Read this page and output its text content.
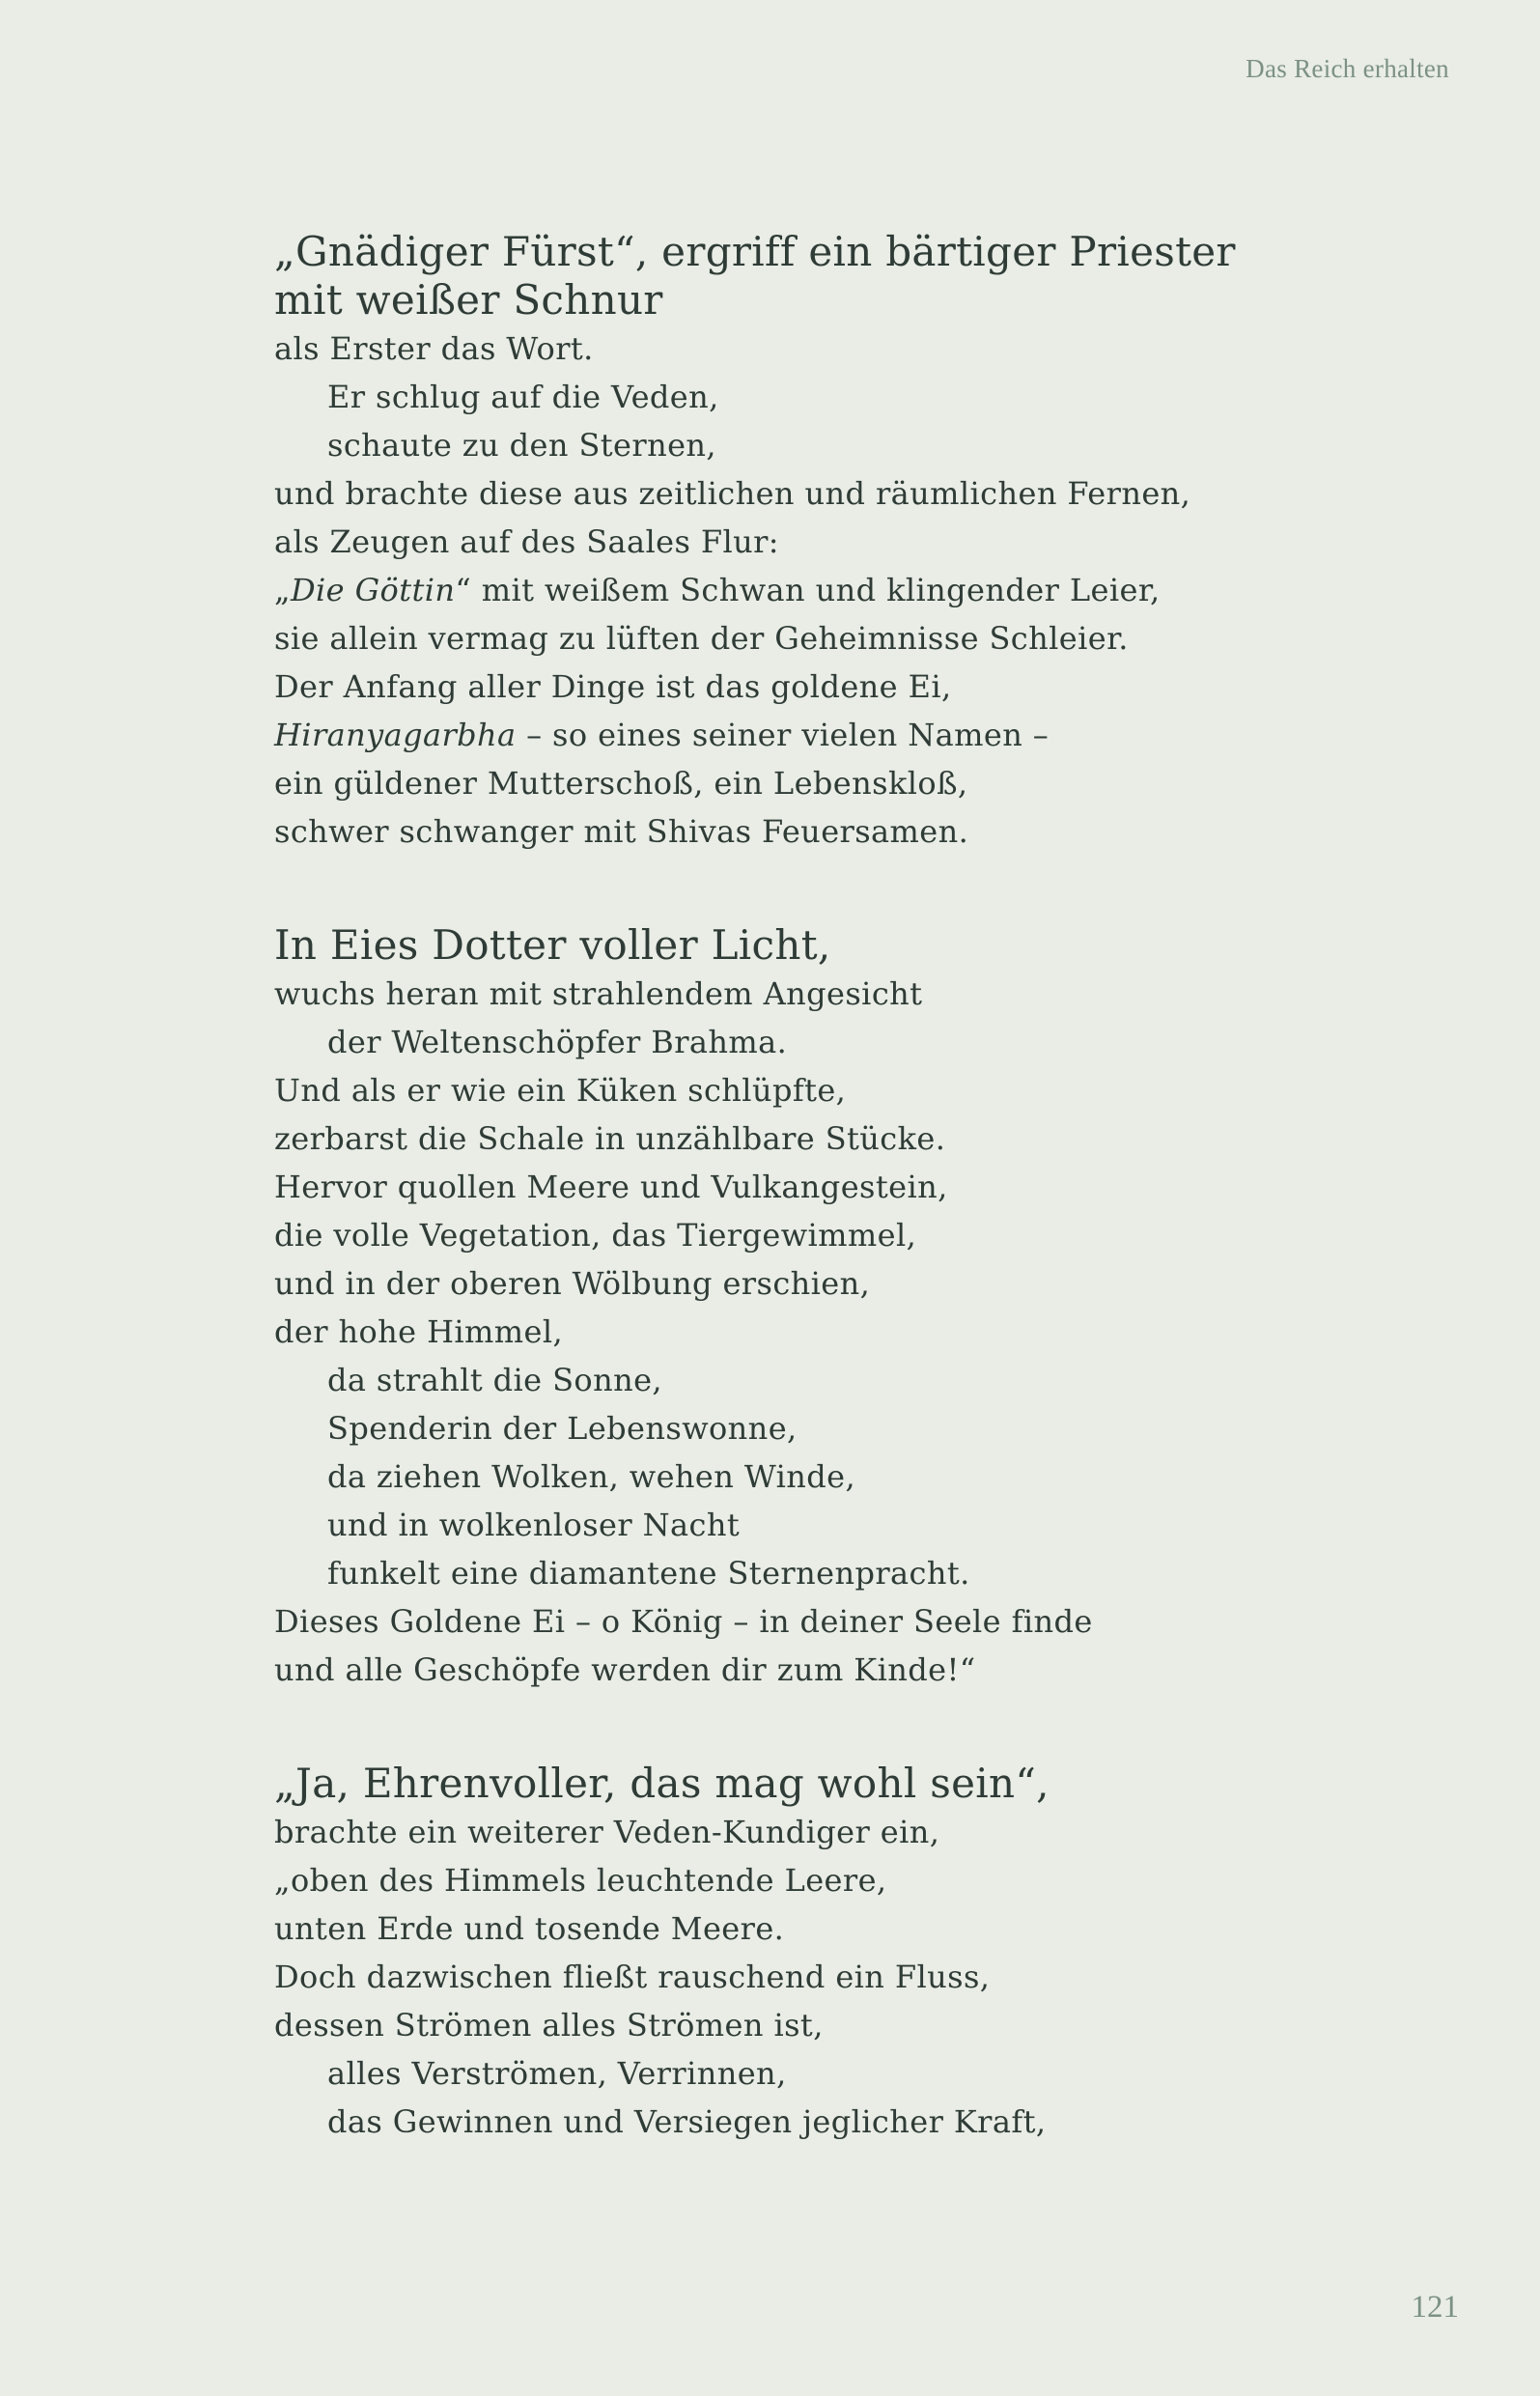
Das Reich erhalten
„Gnädiger Fürst“, ergriff ein bärtiger Priester
mit weißer Schnur
als Erster das Wort.
Er schlug auf die Veden,
schaute zu den Sternen,
und brachte diese aus zeitlichen und räumlichen Fernen,
als Zeugen auf des Saales Flur:
„Die Göttin“ mit weißem Schwan und klingender Leier,
sie allein vermag zu lüften der Geheimnisse Schleier.
Der Anfang aller Dinge ist das goldene Ei,
Hiranyagarbha – so eines seiner vielen Namen –
ein güldener Mutterschoß, ein Lebensklоß,
schwer schwanger mit Shivas Feuersamen.
In Eies Dotter voller Licht,
wuchs heran mit strahlendem Angesicht
der Weltenschöpfer Brahma.
Und als er wie ein Küken schlüpfte,
zerbarst die Schale in unzählbare Stücke.
Hervor quollen Meere und Vulkangestein,
die volle Vegetation, das Tiergewimmel,
und in der oberen Wölbung erschien,
der hohe Himmel,
da strahlt die Sonne,
Spenderin der Lebenswonne,
da ziehen Wolken, wehen Winde,
und in wolkenloser Nacht
funkelt eine diamantene Sternenpracht.
Dieses Goldene Ei – o König – in deiner Seele finde
und alle Geschöpfe werden dir zum Kinde!“
„Ja, Ehrenvoller, das mag wohl sein“,
brachte ein weiterer Veden-Kundiger ein,
„oben des Himmels leuchtende Leere,
unten Erde und tosende Meere.
Doch dazwischen fließt rauschend ein Fluss,
dessen Strömen alles Strömen ist,
alles Verströmen, Verrinnen,
das Gewinnen und Versiegen jeglicher Kraft,
121
